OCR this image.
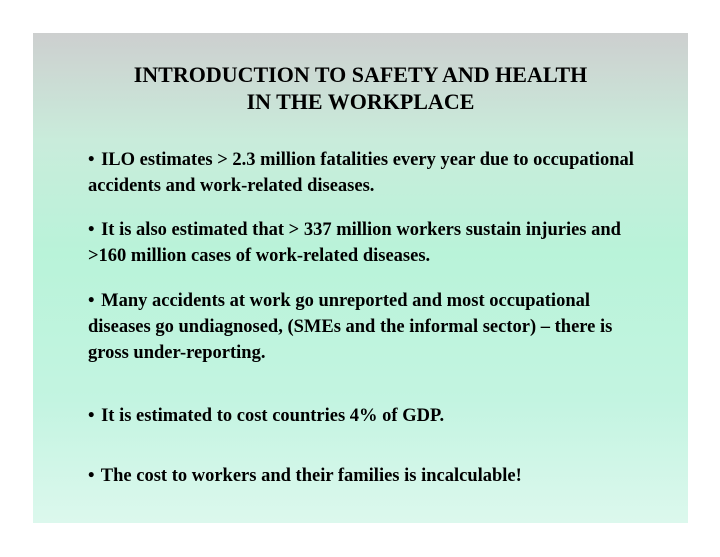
INTRODUCTION TO SAFETY AND HEALTH
IN THE WORKPLACE
• ILO estimates > 2.3 million fatalities every year due to occupational accidents and work-related diseases.
• It is also estimated that > 337 million workers sustain injuries and >160 million cases of work-related diseases.
• Many accidents at work go unreported and most occupational diseases go undiagnosed, (SMEs and the informal sector) – there is gross under-reporting.
• It is estimated to cost countries 4% of GDP.
• The cost to workers and their families is incalculable!
